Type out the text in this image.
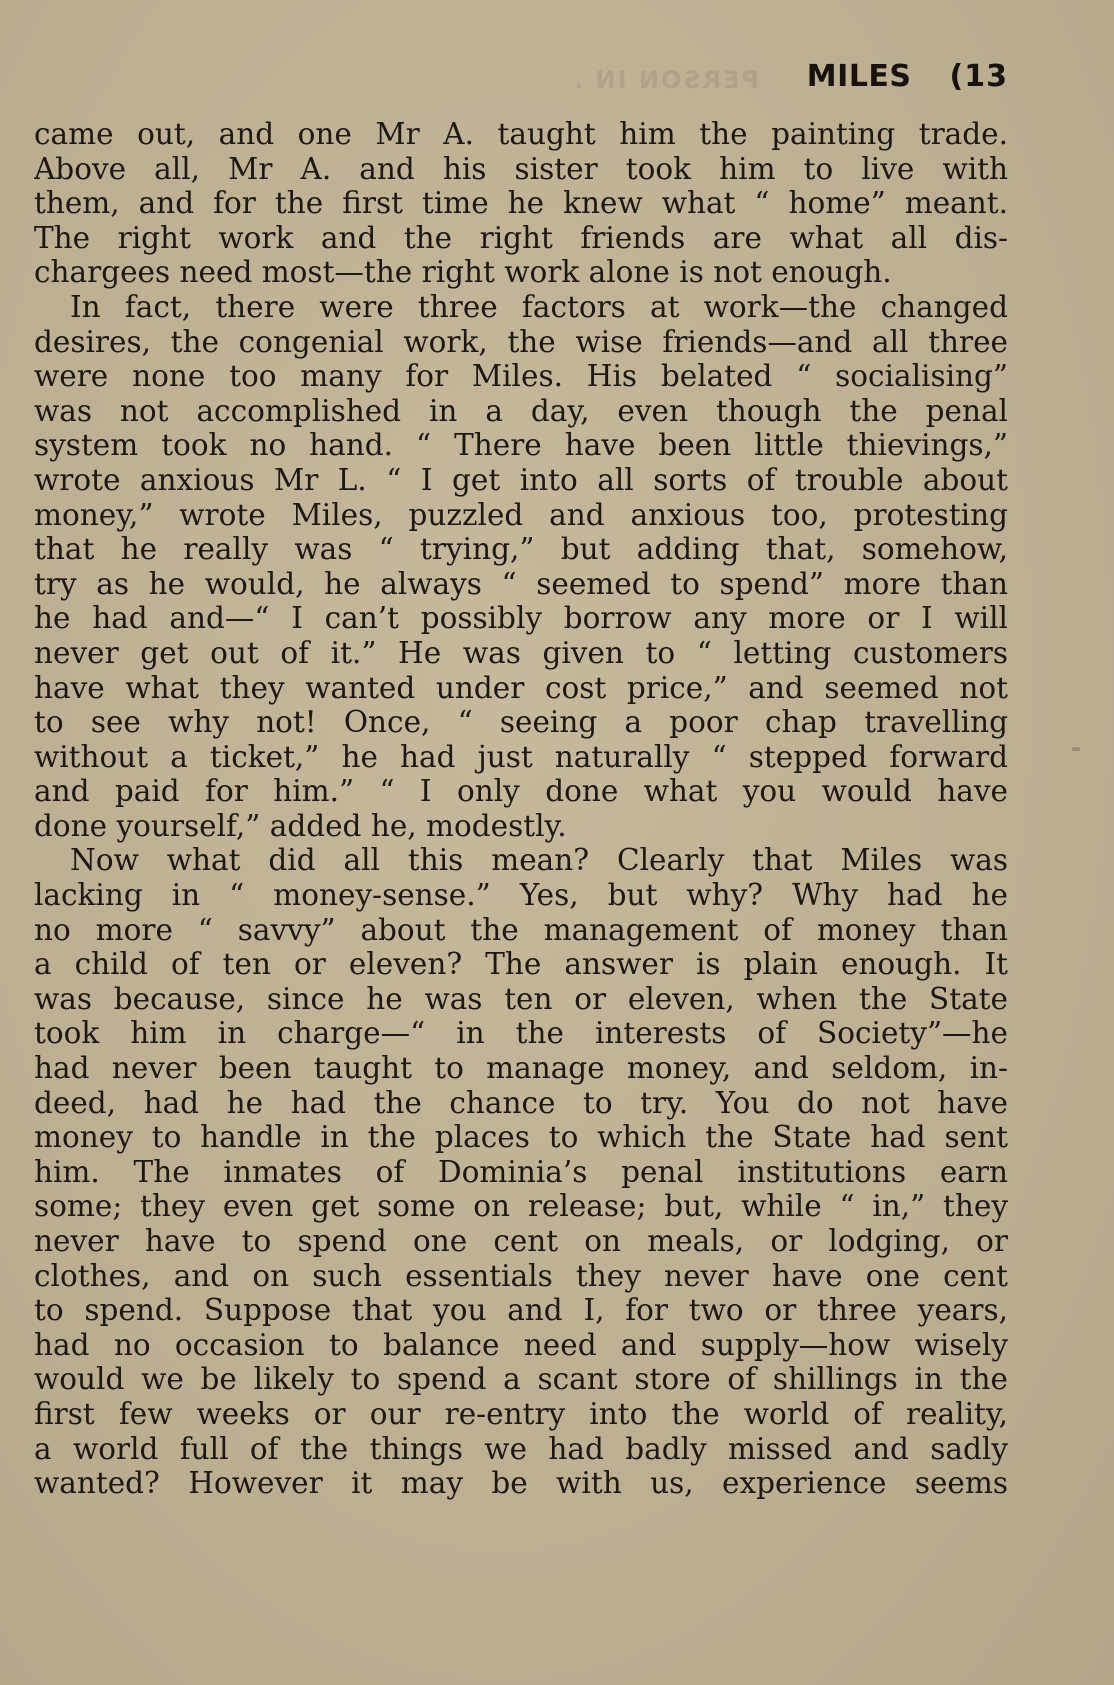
PERSON IN . MILES (13
came out, and one Mr A. taught him the painting trade.
Above all, Mr A. and his sister took him to live with
them, and for the first time he knew what “ home” meant.
The right work and the right friends are what all dis-
chargees need most—the right work alone is not enough.
In fact, there were three factors at work—the changed
desires, the congenial work, the wise friends—and all three
were none too many for Miles. His belated “ socialising”
was not accomplished in a day, even though the penal
system took no hand. “ There have been little thievings,”
wrote anxious Mr L. “ I get into all sorts of trouble about
money,” wrote Miles, puzzled and anxious too, protesting
that he really was “ trying,” but adding that, somehow,
try as he would, he always “ seemed to spend” more than
he had and—“ I can’t possibly borrow any more or I will
never get out of it.” He was given to “ letting customers
have what they wanted under cost price,” and seemed not
to see why not! Once, “ seeing a poor chap travelling
without a ticket,” he had just naturally “ stepped forward
and paid for him.” “ I only done what you would have
done yourself,” added he, modestly.
Now what did all this mean? Clearly that Miles was
lacking in “ money-sense.” Yes, but why? Why had he
no more “ savvy” about the management of money than
a child of ten or eleven? The answer is plain enough. It
was because, since he was ten or eleven, when the State
took him in charge—“ in the interests of Society”—he
had never been taught to manage money, and seldom, in-
deed, had he had the chance to try. You do not have
money to handle in the places to which the State had sent
him. The inmates of Dominia’s penal institutions earn
some; they even get some on release; but, while “ in,” they
never have to spend one cent on meals, or lodging, or
clothes, and on such essentials they never have one cent
to spend. Suppose that you and I, for two or three years,
had no occasion to balance need and supply—how wisely
would we be likely to spend a scant store of shillings in the
first few weeks or our re-entry into the world of reality,
a world full of the things we had badly missed and sadly
wanted? However it may be with us, experience seems
